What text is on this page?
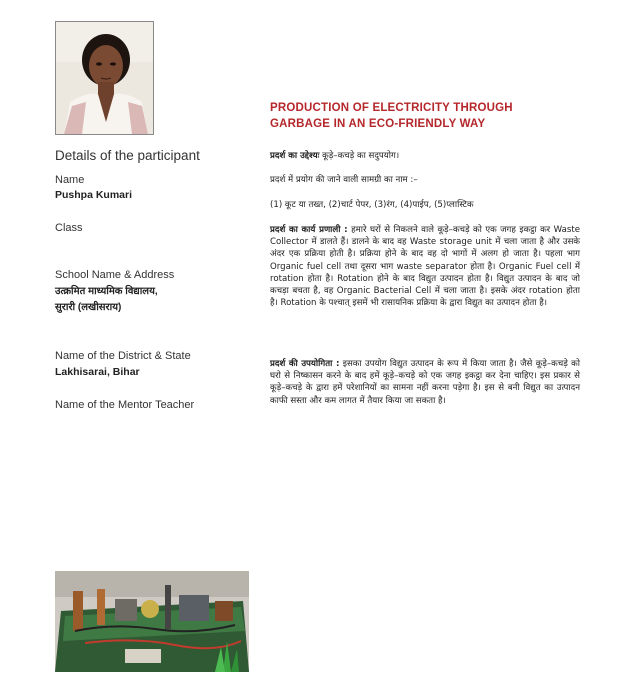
PRODUCTION OF ELECTRICITY THROUGH
GARBAGE IN AN ECO-FRIENDLY WAY
Details of the participant
Name
Pushpa Kumari
Class
School Name & Address
उत्क्रमित माध्यमिक विद्यालय,
सुरारी (लखीसराय)
Name of the District & State
Lakhisarai, Bihar
Name of the Mentor Teacher
प्रदर्श का उद्देश्यः कूड़े–कचड़े का सदुपयोग।
प्रदर्श में प्रयोग की जाने वाली सामग्री का नाम :–
(1) कूट या तख्त, (2)चार्ट पेपर, (3)रंग, (4)पाईप, (5)प्लास्टिक
प्रदर्श का कार्य प्रणाली : हमारे घरों से निकलने वाले कूड़े–कचड़े को एक जगह इकट्ठा कर Waste Collector में डालते हैं। डालने के बाद वह Waste storage unit में चला जाता है और उसके अंदर एक प्रक्रिया होती है। प्रक्रिया होने के बाद वह दो भागों में अलग हो जाता है। पहला भाग Organic fuel cell तथा दूसरा भाग waste separator होता है। Organic Fuel cell में rotation होता है। Rotation होने के बाद विद्युत उत्पादन होता है। विद्युत उत्पादन के बाद जो कचड़ा बचता है, वह Organic Bacterial Cell में चला जाता है। इसके अंदर rotation होता है। Rotation के पश्चात् इसमें भी रासायनिक प्रक्रिया के द्वारा विद्युत का उत्पादन होता है।
प्रदर्श की उपयोगिता : इसका उपयोग विद्युत उत्पादन के रूप में किया जाता है। जैसे कूड़े–कचड़े को घरो से निष्कासन करने के बाद हमें कूड़े–कचड़े को एक जगह इकट्ठा कर देना चाहिए। इस प्रकार से कूड़े–कचड़े के द्वारा हमें परेशानियों का सामना नहीं करना पड़ेगा है। इस से बनी विद्युत का उत्पादन काफी सस्ता और कम लागत में तैयार किया जा सकता है।
